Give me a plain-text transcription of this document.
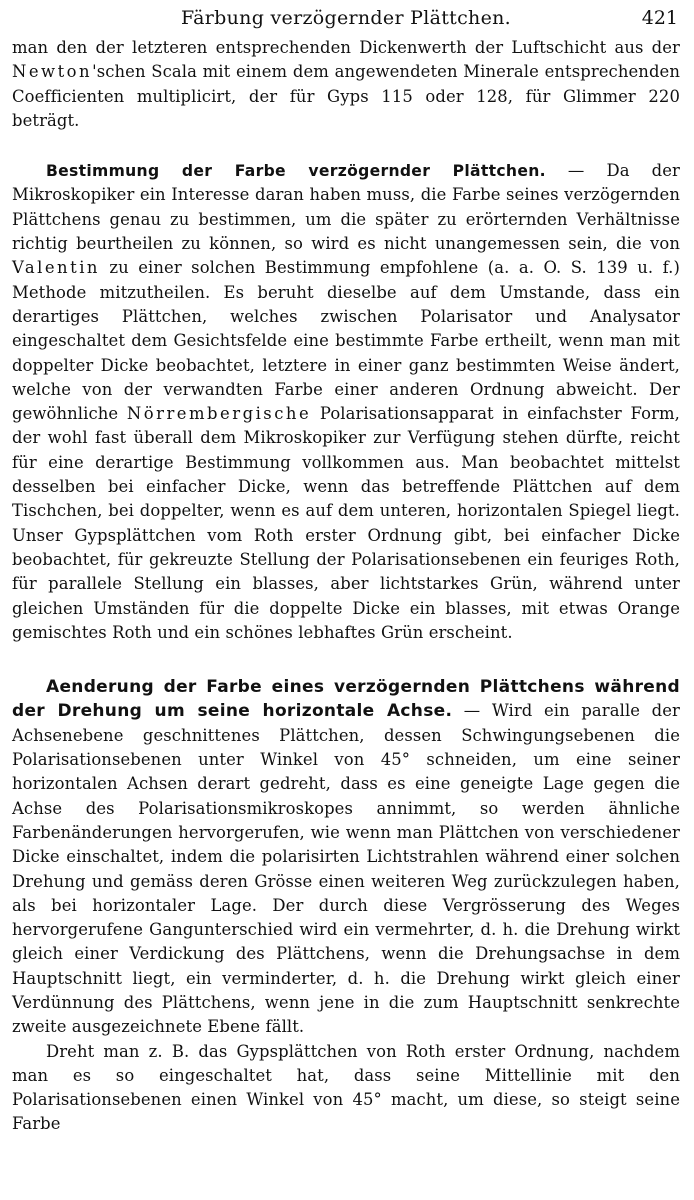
Färbung verzögernder Plättchen.	421

man den der letzteren entsprechenden Dickenwerth der Luftschicht aus der Newton'schen Scala mit einem dem angewendeten Minerale entsprechenden Coefficienten multiplicirt, der für Gyps 115 oder 128, für Glimmer 220 beträgt.

Bestimmung der Farbe verzögernder Plättchen. — Da der Mikroskopiker ein Interesse daran haben muss, die Farbe seines verzögernden Plättchens genau zu bestimmen, um die später zu erörternden Verhältnisse richtig beurtheilen zu können, so wird es nicht unangemessen sein, die von Valentin zu einer solchen Bestimmung empfohlene (a. a. O. S. 139 u. f.) Methode mitzutheilen. Es beruht dieselbe auf dem Umstande, dass ein derartiges Plättchen, welches zwischen Polarisator und Analysator eingeschaltet dem Gesichtsfelde eine bestimmte Farbe ertheilt, wenn man mit doppelter Dicke beobachtet, letztere in einer ganz bestimmten Weise ändert, welche von der verwandten Farbe einer anderen Ordnung abweicht. Der gewöhnliche Nörrembergische Polarisationsapparat in einfachster Form, der wohl fast überall dem Mikroskopiker zur Verfügung stehen dürfte, reicht für eine derartige Bestimmung vollkommen aus. Man beobachtet mittelst desselben bei einfacher Dicke, wenn das betreffende Plättchen auf dem Tischchen, bei doppelter, wenn es auf dem unteren, horizontalen Spiegel liegt. Unser Gypsplättchen vom Roth erster Ordnung gibt, bei einfacher Dicke beobachtet, für gekreuzte Stellung der Polarisationsebenen ein feuriges Roth, für parallele Stellung ein blasses, aber lichtstarkes Grün, während unter gleichen Umständen für die doppelte Dicke ein blasses, mit etwas Orange gemischtes Roth und ein schönes lebhaftes Grün erscheint.

Aenderung der Farbe eines verzögernden Plättchens während der Drehung um seine horizontale Achse. — Wird ein paralle der Achsenebene geschnittenes Plättchen, dessen Schwingungsebenen die Polarisationsebenen unter Winkel von 45° schneiden, um eine seiner horizontalen Achsen derart gedreht, dass es eine geneigte Lage gegen die Achse des Polarisationsmikroskopes annimmt, so werden ähnliche Farbenänderungen hervorgerufen, wie wenn man Plättchen von verschiedener Dicke einschaltet, indem die polarisirten Lichtstrahlen während einer solchen Drehung und gemäss deren Grösse einen weiteren Weg zurückzulegen haben, als bei horizontaler Lage. Der durch diese Vergrösserung des Weges hervorgerufene Gangunterschied wird ein vermehrter, d. h. die Drehung wirkt gleich einer Verdickung des Plättchens, wenn die Drehungsachse in dem Hauptschnitt liegt, ein verminderter, d. h. die Drehung wirkt gleich einer Verdünnung des Plättchens, wenn jene in die zum Hauptschnitt senkrechte zweite ausgezeichnete Ebene fällt.

Dreht man z. B. das Gypsplättchen von Roth erster Ordnung, nachdem man es so eingeschaltet hat, dass seine Mittellinie mit den Polarisationsebenen einen Winkel von 45° macht, um diese, so steigt seine Farbe
